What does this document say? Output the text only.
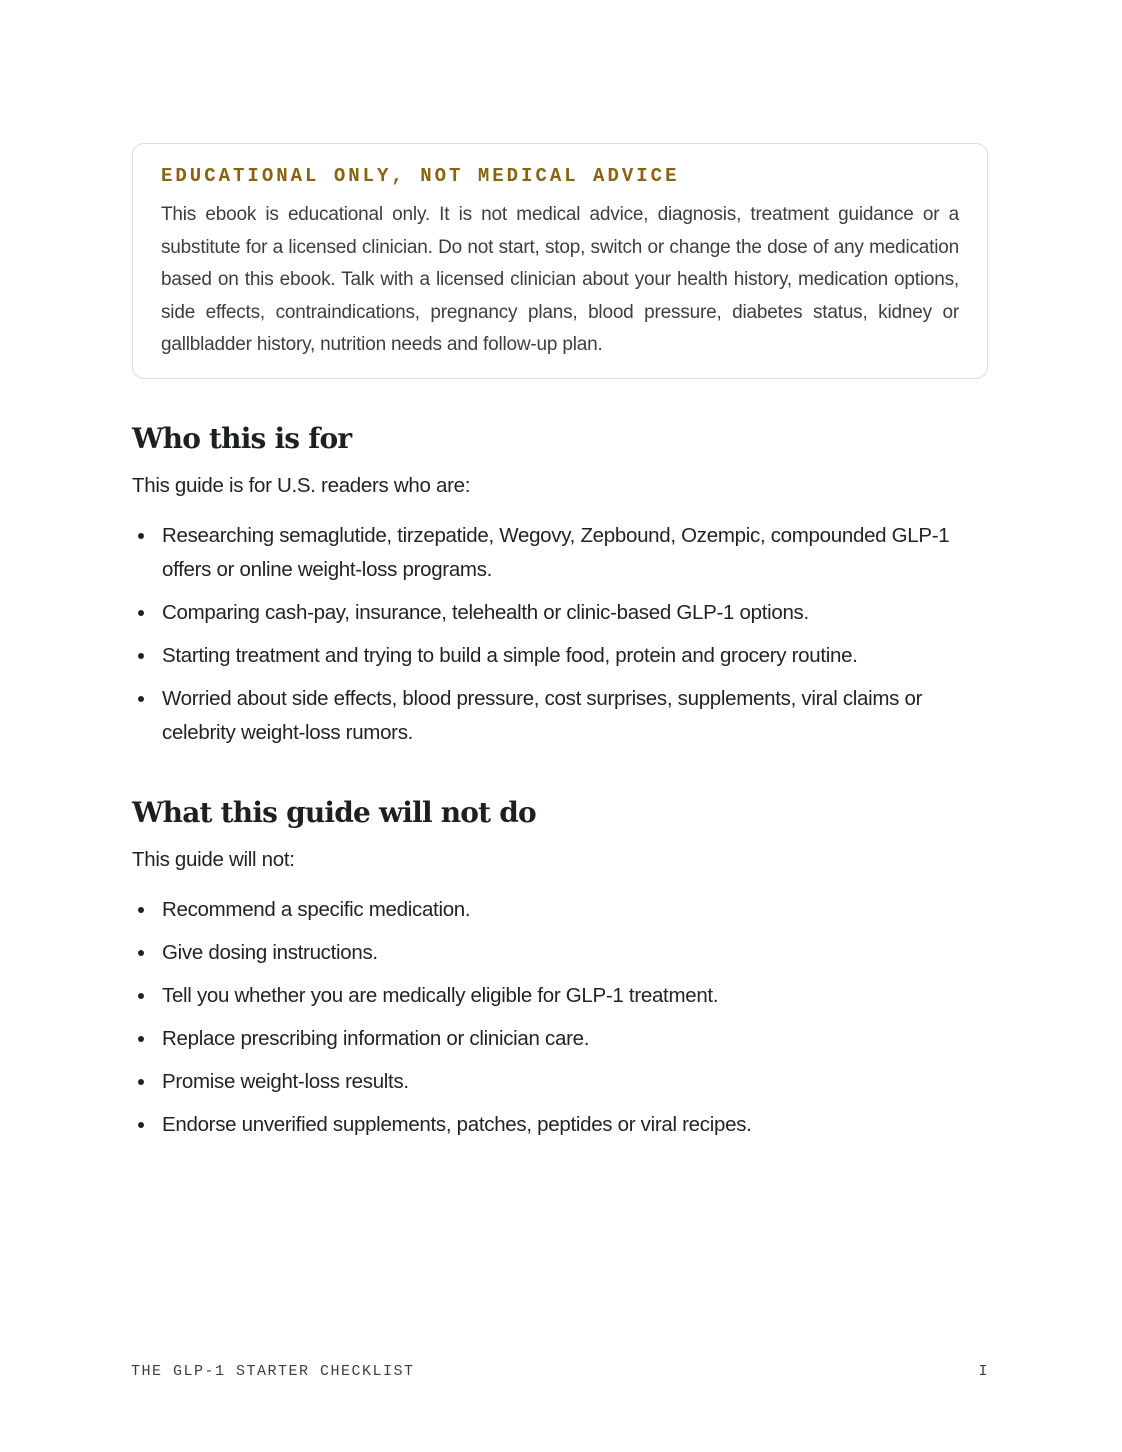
EDUCATIONAL ONLY, NOT MEDICAL ADVICE

This ebook is educational only. It is not medical advice, diagnosis, treatment guidance or a substitute for a licensed clinician. Do not start, stop, switch or change the dose of any medication based on this ebook. Talk with a licensed clinician about your health history, medication options, side effects, contraindications, pregnancy plans, blood pressure, diabetes status, kidney or gallbladder history, nutrition needs and follow-up plan.

Who this is for

This guide is for U.S. readers who are:

Researching semaglutide, tirzepatide, Wegovy, Zepbound, Ozempic, compounded GLP-1 offers or online weight-loss programs.
Comparing cash-pay, insurance, telehealth or clinic-based GLP-1 options.
Starting treatment and trying to build a simple food, protein and grocery routine.
Worried about side effects, blood pressure, cost surprises, supplements, viral claims or celebrity weight-loss rumors.
What this guide will not do

This guide will not:

Recommend a specific medication.
Give dosing instructions.
Tell you whether you are medically eligible for GLP-1 treatment.
Replace prescribing information or clinician care.
Promise weight-loss results.
Endorse unverified supplements, patches, peptides or viral recipes.
THE GLP-1 STARTER CHECKLIST	I
